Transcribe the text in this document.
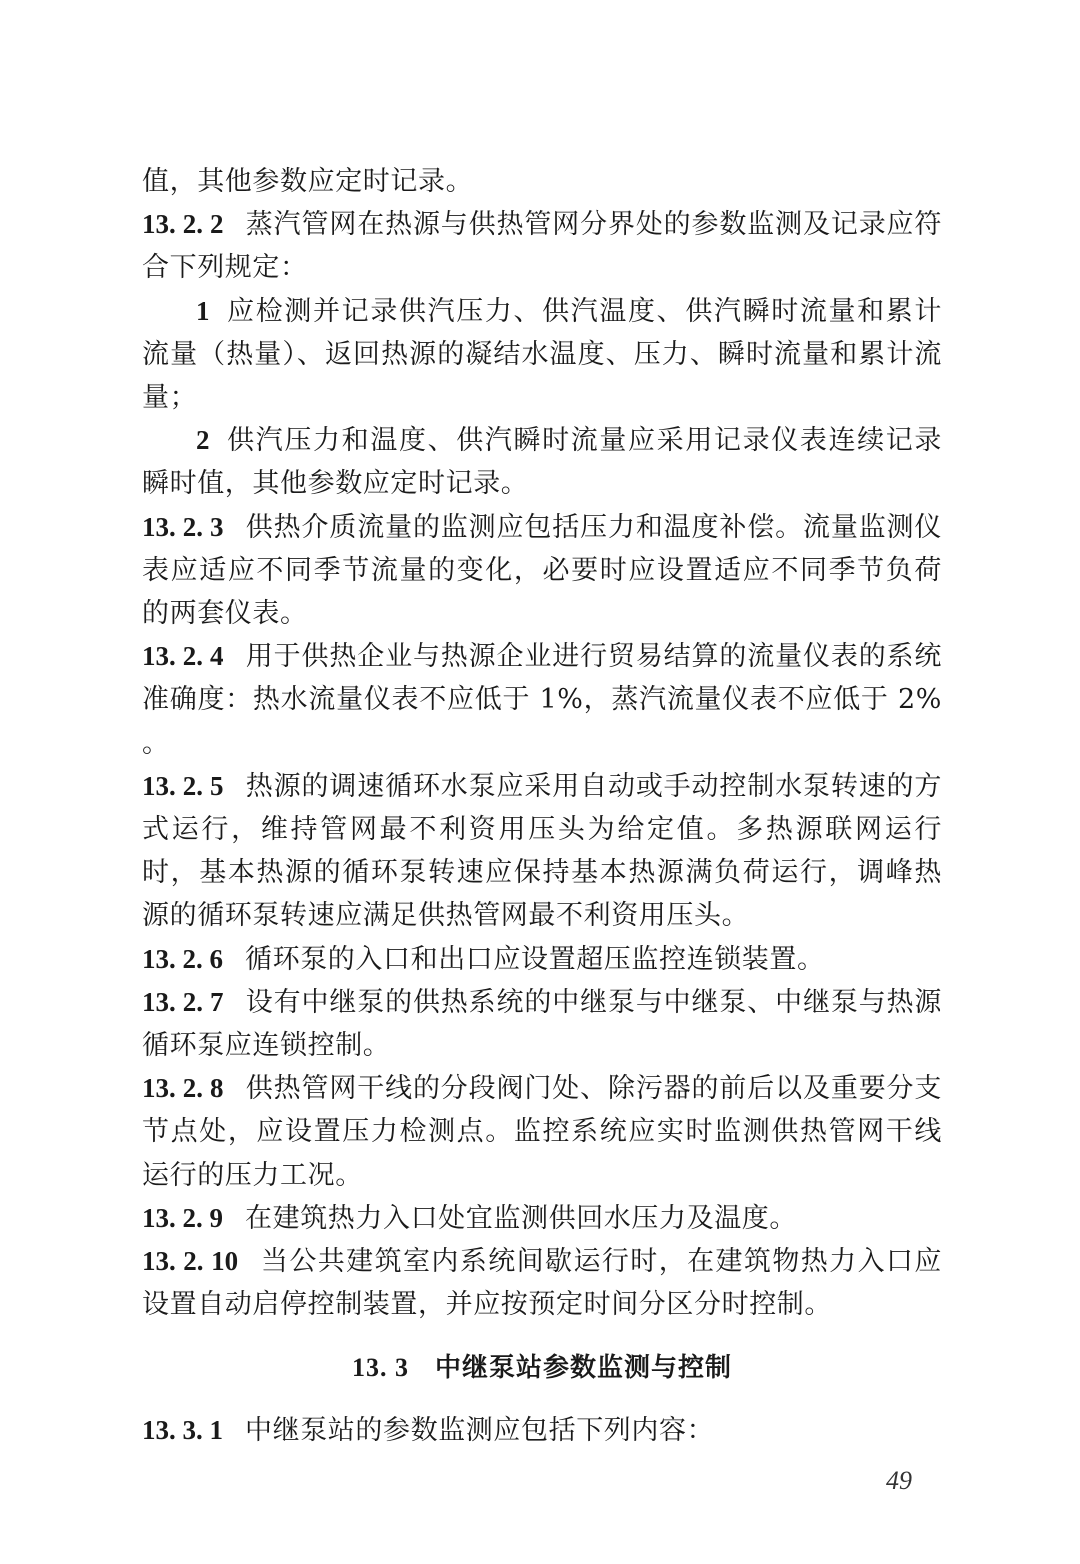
值，其他参数应定时记录。

13. 2. 2 蒸汽管网在热源与供热管网分界处的参数监测及记录应符合下列规定：

1 应检测并记录供汽压力、供汽温度、供汽瞬时流量和累计流量（热量）、返回热源的凝结水温度、压力、瞬时流量和累计流量；

2 供汽压力和温度、供汽瞬时流量应采用记录仪表连续记录瞬时值，其他参数应定时记录。

13. 2. 3 供热介质流量的监测应包括压力和温度补偿。流量监测仪表应适应不同季节流量的变化，必要时应设置适应不同季节负荷的两套仪表。

13. 2. 4 用于供热企业与热源企业进行贸易结算的流量仪表的系统准确度：热水流量仪表不应低于 1%，蒸汽流量仪表不应低于 2% 。

13. 2. 5 热源的调速循环水泵应采用自动或手动控制水泵转速的方式运行，维持管网最不利资用压头为给定值。多热源联网运行时，基本热源的循环泵转速应保持基本热源满负荷运行，调峰热源的循环泵转速应满足供热管网最不利资用压头。

13. 2. 6 循环泵的入口和出口应设置超压监控连锁装置。

13. 2. 7 设有中继泵的供热系统的中继泵与中继泵、中继泵与热源循环泵应连锁控制。

13. 2. 8 供热管网干线的分段阀门处、除污器的前后以及重要分支节点处，应设置压力检测点。监控系统应实时监测供热管网干线运行的压力工况。

13. 2. 9 在建筑热力入口处宜监测供回水压力及温度。

13. 2. 10 当公共建筑室内系统间歇运行时，在建筑物热力入口应设置自动启停控制装置，并应按预定时间分区分时控制。

13. 3 中继泵站参数监测与控制

13. 3. 1 中继泵站的参数监测应包括下列内容：

49
